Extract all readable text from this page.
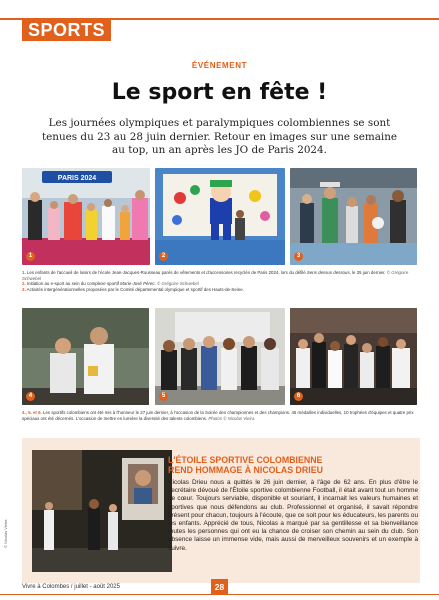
SPORTS
ÉVÉNEMENT
Le sport en fête !
Les journées olympiques et paralympiques colombiennes se sont tenues du 23 au 28 juin dernier. Retour en images sur une semaine au top, un an après les JO de Paris 2024.
PARIS 2024
1	2	3
1. Les enfants de l'accueil de loisirs de l'école Jean-Jacques-Rousseau parés de vêtements et d'accessoires recyclés de Paris 2024, lors du défilé Sens dessus dessous, le 25 juin dernier. © Grégoire Schwebel
2. Initiation au e-sport au sein du complexe sportif Marie-José Pérec. © Grégoire Schwebel
3. Activités intergénérationnelles proposées par le Comité départemental olympique et sportif des Hauts-de-Seine.
4	5	6
4., 5. et 6. Les sportifs colombiens ont été mis à l'honneur le 27 juin dernier, à l'occasion de la Soirée des championnes et des champions. 45 médailles individuelles, 10 trophées d'équipes et quatre prix spéciaux ont été décernés. L'occasion de mettre en lumière la diversité des talents colombiens. Photos © Nicolas Vieira
© Nicolas Vieira
L'ÉTOILE SPORTIVE COLOMBIENNE
REND HOMMAGE À NICOLAS DRIEU
Nicolas Drieu nous a quittés le 26 juin dernier, à l'âge de 62 ans. En plus d'être le secrétaire dévoué de l'Étoile sportive colombienne Football, il était avant tout un homme de cœur. Toujours serviable, disponible et souriant, il incarnait les valeurs humaines et sportives que nous défendons au club. Professionnel et organisé, il savait répondre présent pour chacun, toujours à l'écoute, que ce soit pour les éducateurs, les parents ou les enfants. Apprécié de tous, Nicolas a marqué par sa gentillesse et sa bienveillance toutes les personnes qui ont eu la chance de croiser son chemin au sein du club. Son absence laisse un immense vide, mais aussi de merveilleux souvenirs et un exemple à suivre.
Vivre à Colombes / juillet - août 2025	28
